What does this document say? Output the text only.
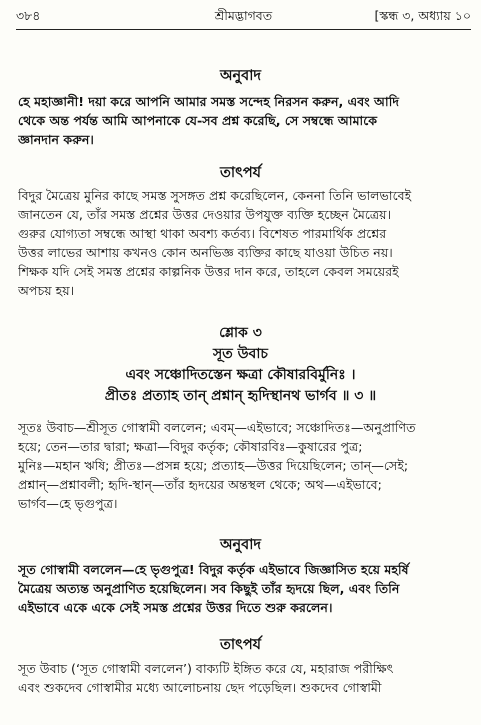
৩৮৪	শ্রীমদ্ভাগবত	[স্কন্ধ ৩, অধ্যায় ১০
অনুবাদ
হে মহাজ্ঞানী! দয়া করে আপনি আমার সমস্ত সন্দেহ নিরসন করুন, এবং আদি
থেকে অন্ত পর্যন্ত আমি আপনাকে যে-সব প্রশ্ন করেছি, সে সম্বন্ধে আমাকে
জ্ঞানদান করুন।
তাৎপর্য
বিদুর মৈত্রেয় মুনির কাছে সমস্ত সুসঙ্গত প্রশ্ন করেছিলেন, কেননা তিনি ভালভাবেই
জানতেন যে, তাঁর সমস্ত প্রশ্নের উত্তর দেওয়ার উপযুক্ত ব্যক্তি হচ্ছেন মৈত্রেয়।
গুরুর যোগ্যতা সম্বন্ধে আস্থা থাকা অবশ্য কর্তব্য। বিশেষত পারমার্থিক প্রশ্নের
উত্তর লাভের আশায় কখনও কোন অনভিজ্ঞ ব্যক্তির কাছে যাওয়া উচিত নয়।
শিক্ষক যদি সেই সমস্ত প্রশ্নের কাল্পনিক উত্তর দান করে, তাহলে কেবল সময়েরই
অপচয় হয়।
শ্লোক ৩
সূত উবাচ
এবং সঞ্চোদিতস্তেন ক্ষত্রা কৌষারবির্মুনিঃ ।
প্রীতঃ প্রত্যাহ তান্ প্রশ্নান্ হৃদিস্থানথ ভার্গব ॥ ৩ ॥
সূতঃ উবাচ—শ্রীসূত গোস্বামী বললেন; এবম্—এইভাবে; সঞ্চোদিতঃ—অনুপ্রাণিত
হয়ে; তেন—তার দ্বারা; ক্ষত্রা—বিদুর কর্তৃক; কৌষারবিঃ—কুষারের পুত্র;
মুনিঃ—মহান ঋষি; প্রীতঃ—প্রসন্ন হয়ে; প্রত্যাহ—উত্তর দিয়েছিলেন; তান্—সেই;
প্রশ্নান্—প্রশ্নাবলী; হৃদি-স্থান্—তাঁর হৃদয়ের অন্তস্থল থেকে; অথ—এইভাবে;
ভার্গব—হে ভৃগুপুত্র।
অনুবাদ
সূত গোস্বামী বললেন—হে ভৃগুপুত্র! বিদুর কর্তৃক এইভাবে জিজ্ঞাসিত হয়ে মহর্ষি
মৈত্রেয় অত্যন্ত অনুপ্রাণিত হয়েছিলেন। সব কিছুই তাঁর হৃদয়ে ছিল, এবং তিনি
এইভাবে একে একে সেই সমস্ত প্রশ্নের উত্তর দিতে শুরু করলেন।
তাৎপর্য
সূত উবাচ (‘সূত গোস্বামী বললেন’) বাক্যটি ইঙ্গিত করে যে, মহারাজ পরীক্ষিৎ
এবং শুকদেব গোস্বামীর মধ্যে আলোচনায় ছেদ পড়েছিল। শুকদেব গোস্বামী
